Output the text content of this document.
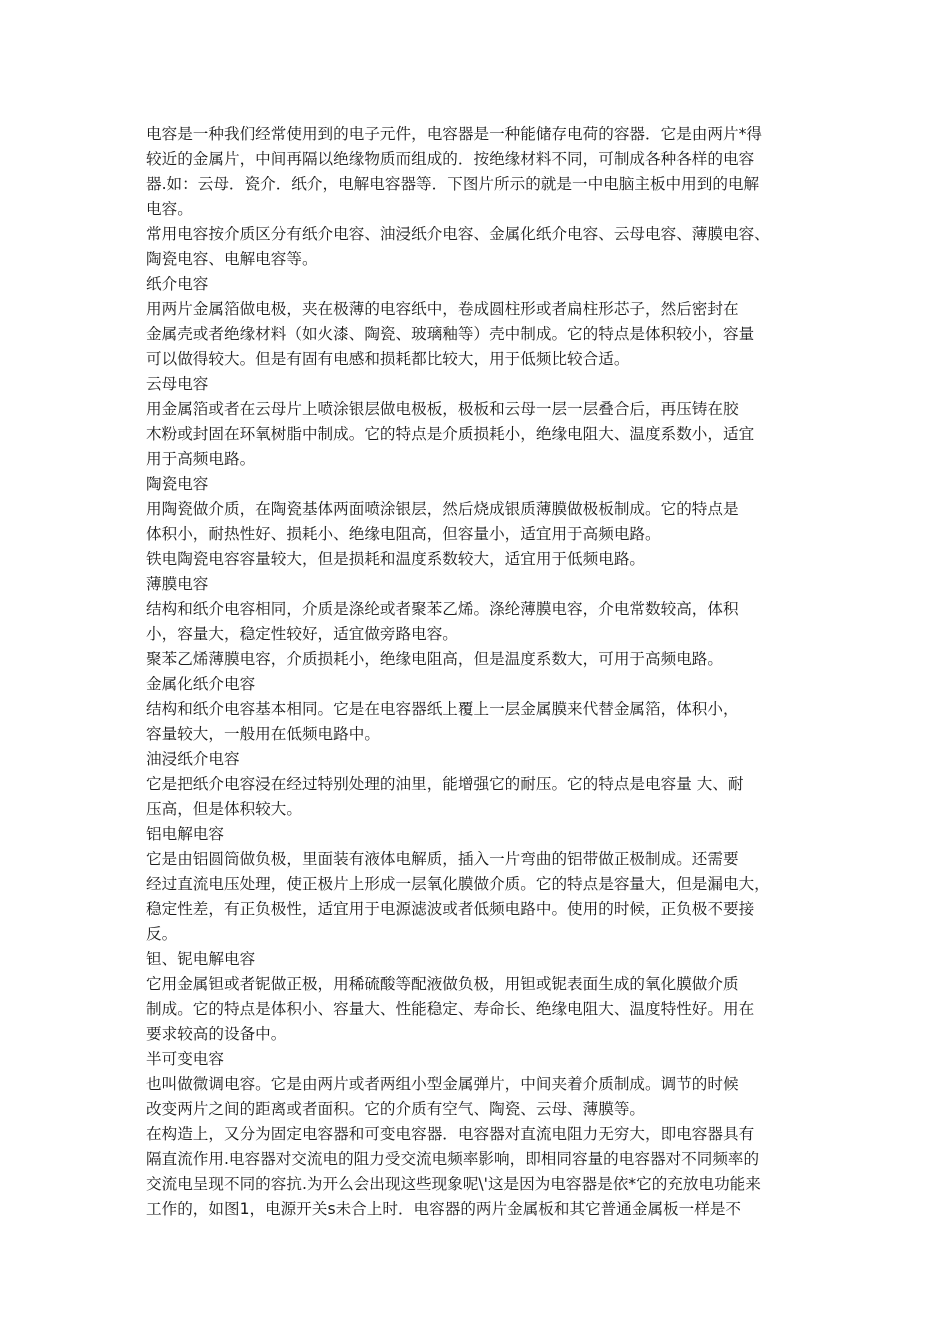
电容是一种我们经常使用到的电子元件，电容器是一种能储存电荷的容器．它是由两片*得
较近的金属片，中间再隔以绝缘物质而组成的．按绝缘材料不同，可制成各种各样的电容
器.如：云母．瓷介．纸介，电解电容器等．下图片所示的就是一中电脑主板中用到的电解
电容。
常用电容按介质区分有纸介电容、油浸纸介电容、金属化纸介电容、云母电容、薄膜电容、
陶瓷电容、电解电容等。
纸介电容
用两片金属箔做电极，夹在极薄的电容纸中，卷成圆柱形或者扁柱形芯子，然后密封在
金属壳或者绝缘材料（如火漆、陶瓷、玻璃釉等）壳中制成。它的特点是体积较小，容量
可以做得较大。但是有固有电感和损耗都比较大，用于低频比较合适。
云母电容
用金属箔或者在云母片上喷涂银层做电极板，极板和云母一层一层叠合后，再压铸在胶
木粉或封固在环氧树脂中制成。它的特点是介质损耗小，绝缘电阻大、温度系数小，适宜
用于高频电路。
陶瓷电容
用陶瓷做介质，在陶瓷基体两面喷涂银层，然后烧成银质薄膜做极板制成。它的特点是
体积小，耐热性好、损耗小、绝缘电阻高，但容量小，适宜用于高频电路。
铁电陶瓷电容容量较大，但是损耗和温度系数较大，适宜用于低频电路。
薄膜电容
结构和纸介电容相同，介质是涤纶或者聚苯乙烯。涤纶薄膜电容，介电常数较高，体积
小，容量大，稳定性较好，适宜做旁路电容。
聚苯乙烯薄膜电容，介质损耗小，绝缘电阻高，但是温度系数大，可用于高频电路。
金属化纸介电容
结构和纸介电容基本相同。它是在电容器纸上覆上一层金属膜来代替金属箔，体积小，
容量较大，一般用在低频电路中。
油浸纸介电容
它是把纸介电容浸在经过特别处理的油里，能增强它的耐压。它的特点是电容量 大、耐
压高，但是体积较大。
铝电解电容
它是由铝圆筒做负极，里面装有液体电解质，插入一片弯曲的铝带做正极制成。还需要
经过直流电压处理，使正极片上形成一层氧化膜做介质。它的特点是容量大，但是漏电大，
稳定性差，有正负极性，适宜用于电源滤波或者低频电路中。使用的时候，正负极不要接
反。
钽、铌电解电容
它用金属钽或者铌做正极，用稀硫酸等配液做负极，用钽或铌表面生成的氧化膜做介质
制成。它的特点是体积小、容量大、性能稳定、寿命长、绝缘电阻大、温度特性好。用在
要求较高的设备中。
半可变电容
也叫做微调电容。它是由两片或者两组小型金属弹片，中间夹着介质制成。调节的时候
改变两片之间的距离或者面积。它的介质有空气、陶瓷、云母、薄膜等。
在构造上，又分为固定电容器和可变电容器．电容器对直流电阻力无穷大，即电容器具有
隔直流作用.电容器对交流电的阻力受交流电频率影响，即相同容量的电容器对不同频率的
交流电呈现不同的容抗.为开么会出现这些现象呢\'这是因为电容器是依*它的充放电功能来
工作的，如图1，电源开关s未合上时．电容器的两片金属板和其它普通金属板一样是不
